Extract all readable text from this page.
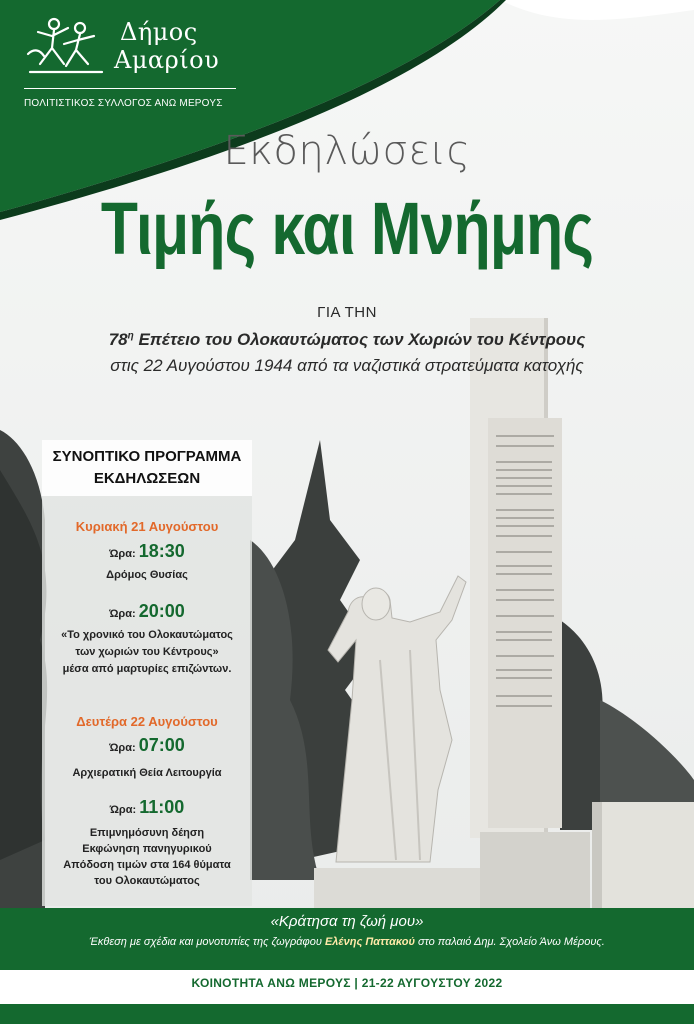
Δήμος
Αμαρίου
ΠΟΛΙΤΙΣΤΙΚΟΣ ΣΥΛΛΟΓΟΣ ΑΝΩ ΜΕΡΟΥΣ
Εκδηλώσεις
Τιμής και Μνήμης
ΓΙΑ ΤΗΝ
$78^\eta$ Επέτειο του Ολοκαυτώματος των Χωριών του Κέντρους
στις 22 Αυγούστου 1944 από τα ναζιστικά στρατεύματα κατοχής
ΣΥΝΟΠΤΙΚΟ ΠΡΟΓΡΑΜΜΑ
ΕΚΔΗΛΩΣΕΩΝ
Κυριακή 21 Αυγούστου
Ώρα: 18:30
Δρόμος Θυσίας
Ώρα: 20:00
«Το χρονικό του Ολοκαυτώματος
των χωριών του Κέντρους»
μέσα από μαρτυρίες επιζώντων.
Δευτέρα 22 Αυγούστου
Ώρα: 07:00
Αρχιερατική Θεία Λειτουργία
Ώρα: 11:00
Επιμνημόσυνη δέηση
Εκφώνηση πανηγυρικού
Απόδοση τιμών στα 164 θύματα
του Ολοκαυτώματος
«Κράτησα τη ζωή μου»
Έκθεση με σχέδια και μονοτυπίες της ζωγράφου Ελένης Παττακού στο παλαιό Δημ. Σχολείο Άνω Μέρους.
ΚΟΙΝΟΤΗΤΑ ΑΝΩ ΜΕΡΟΥΣ | 21-22 ΑΥΓΟΥΣΤΟΥ 2022
